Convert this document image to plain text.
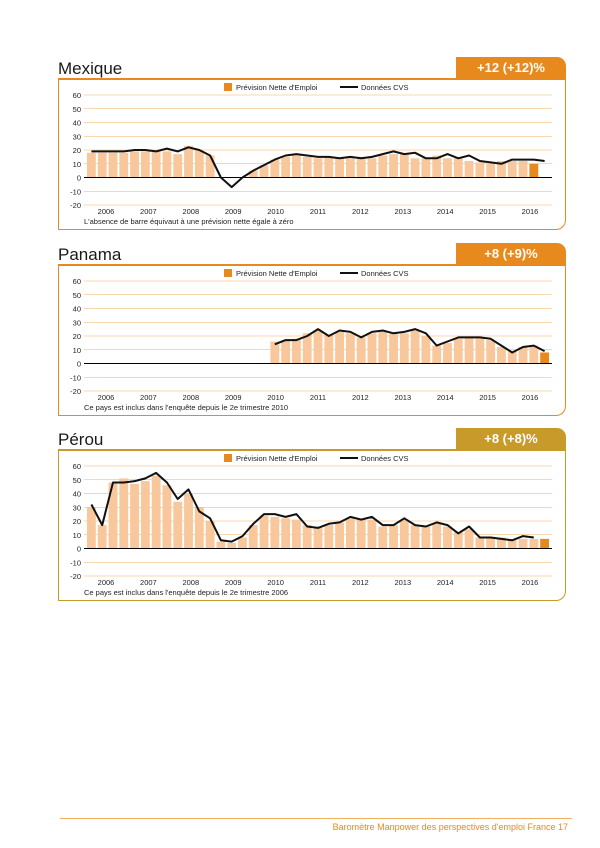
Mexique	+12 (+12)%
Prévision Nette d'Emploi	Données CVS
60
50
40
30
20
10
0
-10
-20
2006	2007	2008	2009	2010	2011	2012	2013	2014	2015	2016
L'absence de barre équivaut à une prévision nette égale à zéro
Panama	+8 (+9)%
Prévision Nette d'Emploi	Données CVS
60
50
40
30
20
10
0
-10
-20
2006	2007	2008	2009	2010	2011	2012	2013	2014	2015	2016
Ce pays est inclus dans l'enquête depuis le 2e trimestre 2010
Pérou	+8 (+8)%
Prévision Nette d'Emploi	Données CVS
60
50
40
30
20
10
0
-10
-20
2006	2007	2008	2009	2010	2011	2012	2013	2014	2015	2016
Ce pays est inclus dans l'enquête depuis le 2e trimestre 2006
Baromètre Manpower des perspectives d'emploi France 17
